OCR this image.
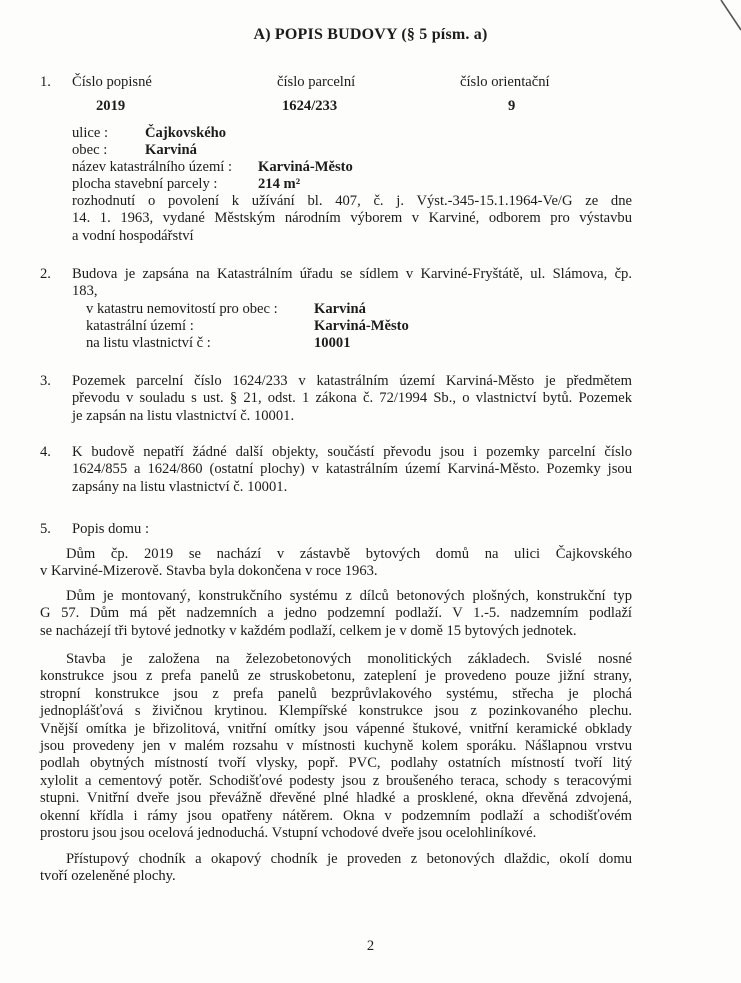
A) POPIS BUDOVY (§ 5 písm. a)
1.	Číslo popisné	číslo parcelní	číslo orientační
2019	1624/233	9
ulice :	Čajkovského
obec :	Karviná
název katastrálního území : Karviná-Město
plocha stavební parcely :	214 m²
rozhodnutí o povolení k užívání bl. 407, č. j. Výst.-345-15.1.1964-Ve/G ze dne
14. 1. 1963, vydané Městským národním výborem v Karviné, odborem pro výstavbu
a vodní hospodářství
2.	Budova je zapsána na Katastrálním úřadu se sídlem v Karviné-Fryštátě, ul. Slámova, čp.
183,
v katastru nemovitostí pro obec : Karviná
katastrální území :	Karviná-Město
na listu vlastnictví č :	10001
3.	Pozemek parcelní číslo 1624/233 v katastrálním území Karviná-Město je předmětem
převodu v souladu s ust. § 21, odst. 1 zákona č. 72/1994 Sb., o vlastnictví bytů. Pozemek
je zapsán na listu vlastnictví č. 10001.
4.	K budově nepatří žádné další objekty, součástí převodu jsou i pozemky parcelní číslo
1624/855 a 1624/860 (ostatní plochy) v katastrálním území Karviná-Město. Pozemky jsou
zapsány na listu vlastnictví č. 10001.
5.	Popis domu :
Dům čp. 2019 se nachází v zástavbě bytových domů na ulici Čajkovského
v Karviné-Mizerově. Stavba byla dokončena v roce 1963.
Dům je montovaný, konstrukčního systému z dílců betonových plošných, konstrukční typ
G 57. Dům má pět nadzemních a jedno podzemní podlaží. V 1.-5. nadzemním podlaží
se nacházejí tři bytové jednotky v každém podlaží, celkem je v domě 15 bytových jednotek.
Stavba je založena na železobetonových monolitických základech. Svislé nosné
konstrukce jsou z prefa panelů ze struskobetonu, zateplení je provedeno pouze jižní strany,
stropní konstrukce jsou z prefa panelů bezprůvlakového systému, střecha je plochá
jednoplášťová s živičnou krytinou. Klempířské konstrukce jsou z pozinkovaného plechu.
Vnější omítka je břizolitová, vnitřní omítky jsou vápenné štukové, vnitřní keramické obklady
jsou provedeny jen v malém rozsahu v místnosti kuchyně kolem sporáku. Nášlapnou vrstvu
podlah obytných místností tvoří vlysky, popř. PVC, podlahy ostatních místností tvoří litý
xylolit a cementový potěr. Schodišťové podesty jsou z broušeného teraca, schody s teracovými
stupni. Vnitřní dveře jsou převážně dřevěné plné hladké a prosklené, okna dřevěná zdvojená,
okenní křídla i rámy jsou opatřeny nátěrem. Okna v podzemním podlaží a schodišťovém
prostoru jsou jsou ocelová jednoduchá. Vstupní vchodové dveře jsou ocelohliníkové.
Přístupový chodník a okapový chodník je proveden z betonových dlaždic, okolí domu
tvoří ozeleněné plochy.
2
